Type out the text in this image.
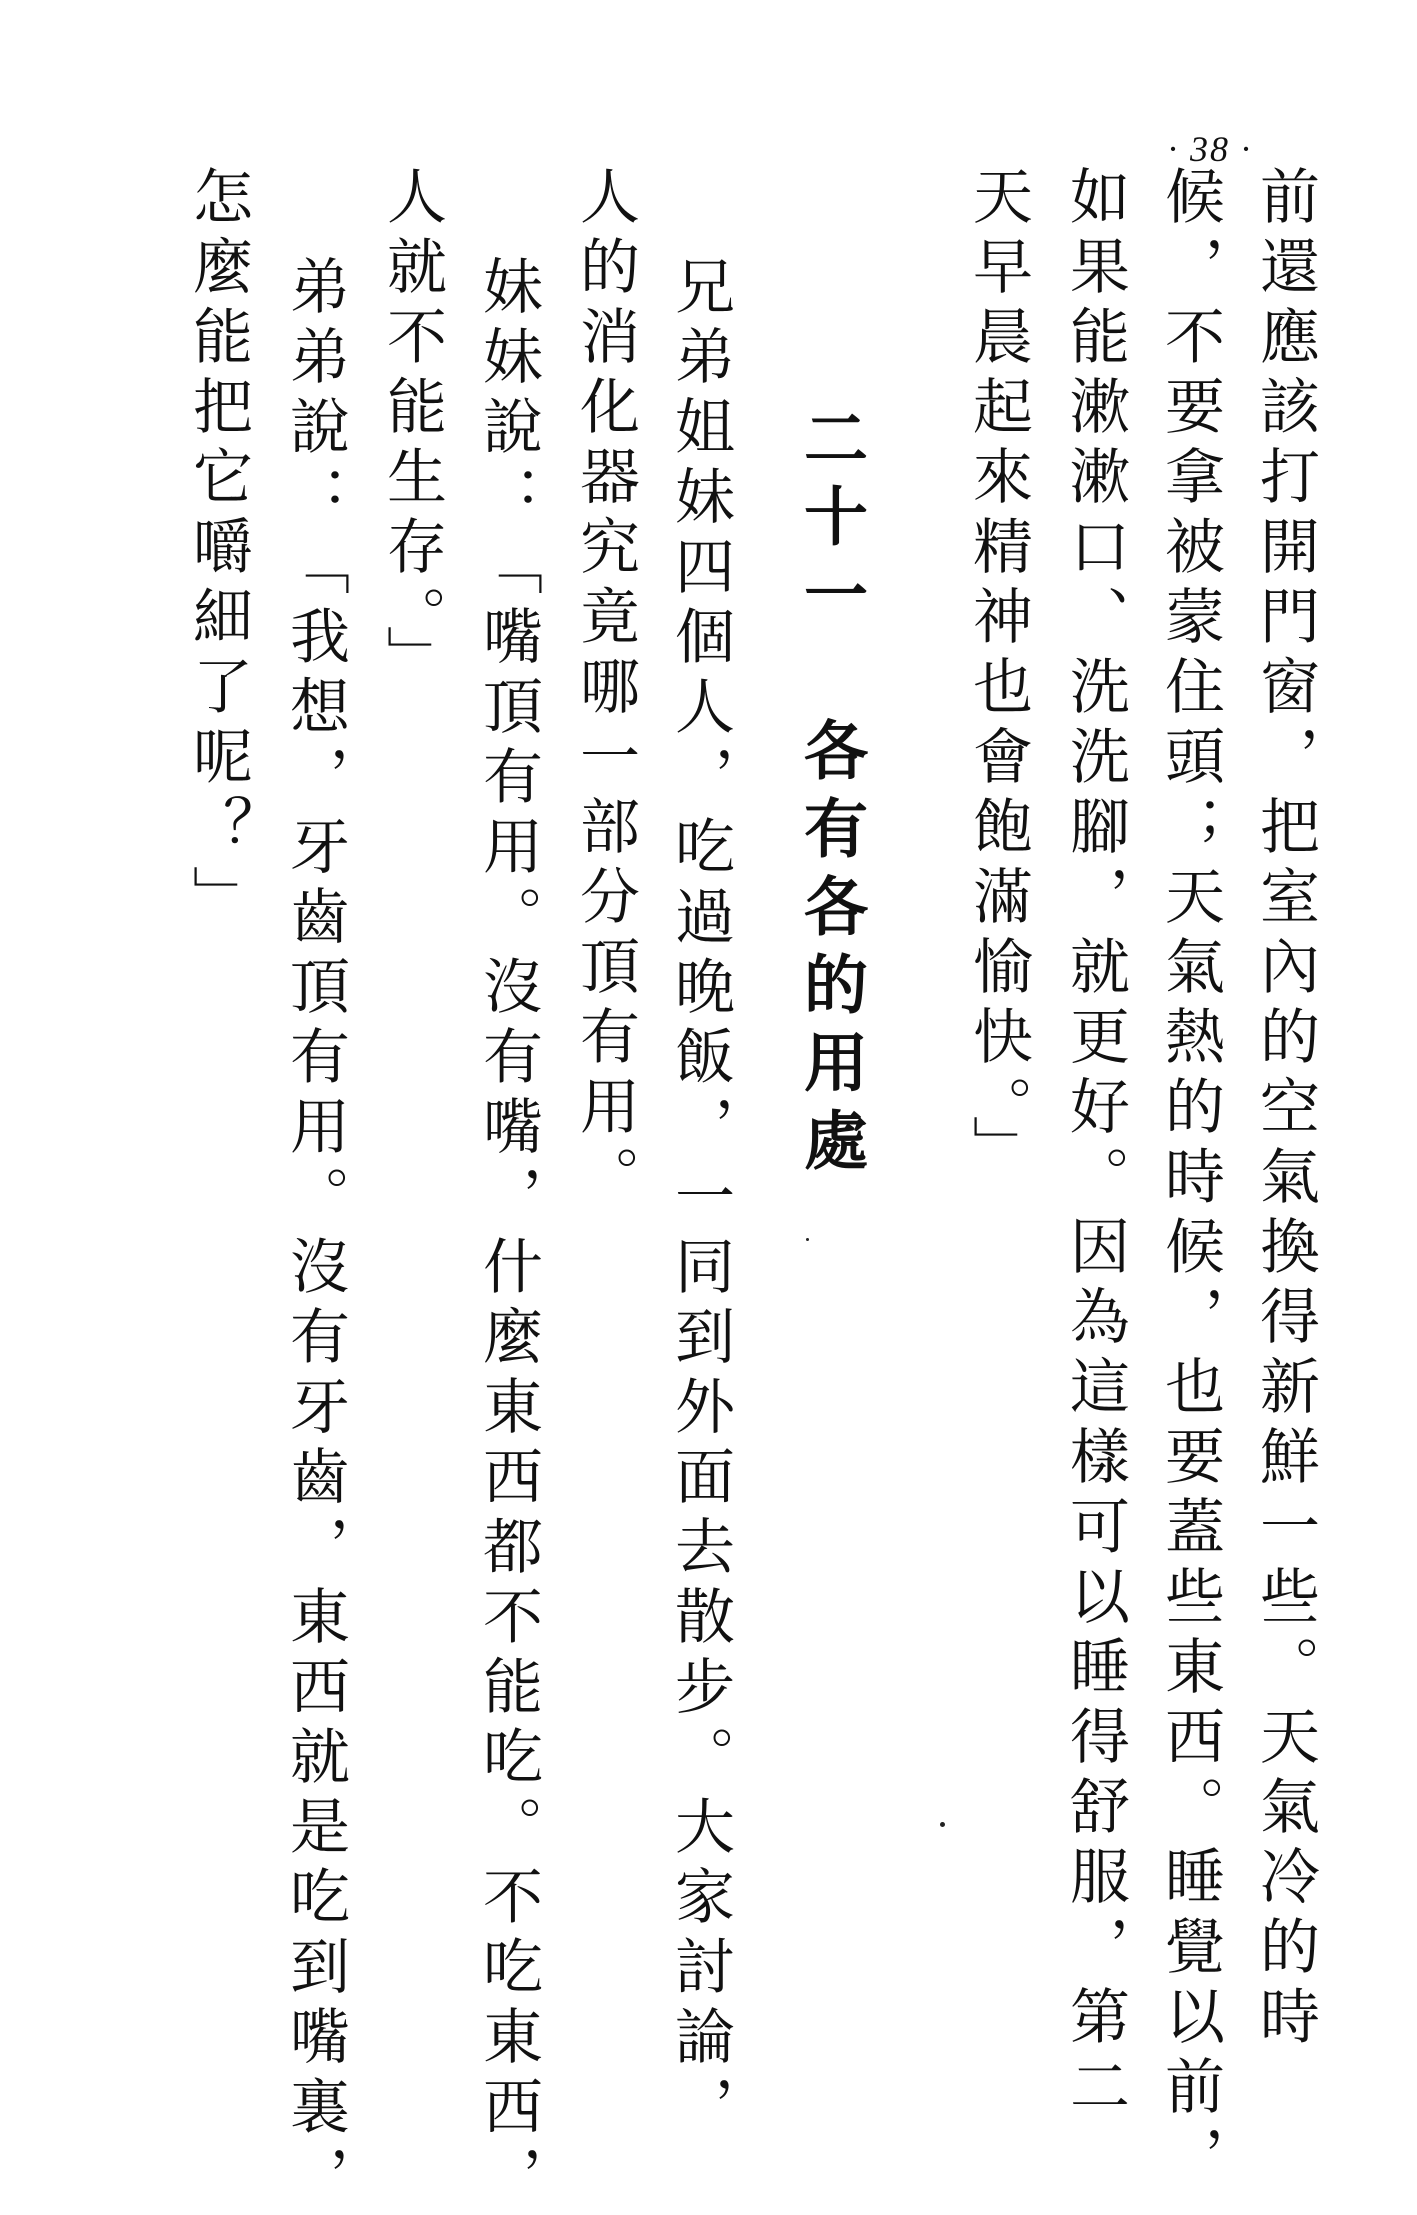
· 38 ·
前還應該打開門窗，把室內的空氣換得新鮮一些。天氣冷的時
候，不要拿被蒙住頭；天氣熱的時候，也要蓋些東西。睡覺以前，
如果能漱漱口、洗洗腳，就更好。因為這樣可以睡得舒服，第二
天早晨起來精神也會飽滿愉快。」
二十一　各有各的用處
兄弟姐妹四個人，吃過晚飯，一同到外面去散步。大家討論，
人的消化器究竟哪一部分頂有用。
妹妹說：「嘴頂有用。沒有嘴，什麼東西都不能吃。不吃東西，
人就不能生存。」
弟弟說：「我想，牙齒頂有用。沒有牙齒，東西就是吃到嘴裏，
怎麼能把它嚼細了呢？」
